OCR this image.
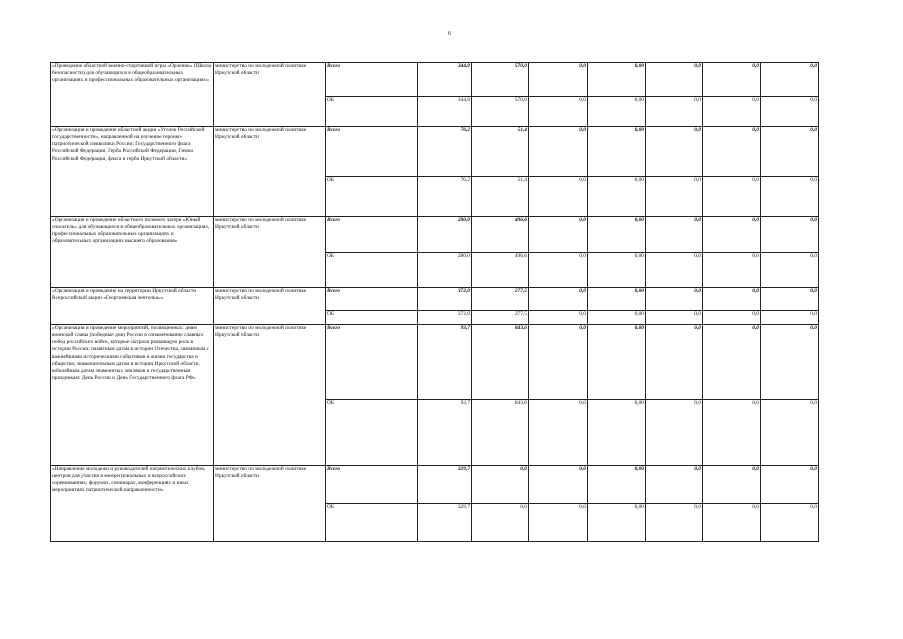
6
«Проведение областной военно-спортивной игры «Орленок» (Школа безопасности) для обучающихся в общеобразовательных организациях и профессиональных образовательных организациях»	министерство по молодежной политике Иркутской области	Всего	344,0	570,0	0,0	0,00	0,0	0,0	0,0
		ОБ	344,0	570,0	0,0	0,00	0,0	0,0	0,0
«Организация и проведение областной акции «Уголок Российской государственности», направленной на изучение героико-патриотической символики России: Государственного флага Российской Федерации, Герба Российской Федерации, Гимна Российской Федерации, флага и герба Иркутской области»	министерство по молодежной политике Иркутской области	Всего	76,2	51,4	0,0	0,00	0,0	0,0	0,0
		ОБ	76,2	51,4	0,0	0,00	0,0	0,0	0,0
«Организация и проведение областного полевого лагеря «Юный спасатель» для обучающихся в общеобразовательных организациях, профессиональных образовательных организациях и образовательных организациях высшего образования»	министерство по молодежной политике Иркутской области	Всего	280,0	496,6	0,0	0,00	0,0	0,0	0,0
		ОБ	280,0	496,6	0,0	0,00	0,0	0,0	0,0
«Организация и проведение на территории Иркутской области Всероссийской акции «Георгиевская ленточка»»	министерство по молодежной политике Иркутской области	Всего	372,0	277,5	0,0	0,00	0,0	0,0	0,0
		ОБ	372,0	277,5	0,0	0,00	0,0	0,0	0,0
«Организация и проведение мероприятий, посвященных: дням воинской славы (победные дни) России в ознаменование славных побед российских войск, которые сыграли решающую роль в истории России; памятным датам в истории Отечества, связанным с важнейшими историческими событиями в жизни государства и общества; знаменательным датам в истории Иркутской области, юбилейным датам знаменитых земляков и государственным праздникам: День России и День Государственного флага РФ»	министерство по молодежной политике Иркутской области	Всего	93,7	843,6	0,0	0,00	0,0	0,0	0,0
		ОБ	93,7	843,6	0,0	0,00	0,0	0,0	0,0
«Направление молодежи и руководителей патриотических клубов, центров для участия в межрегиональных и всероссийских соревнованиях, форумах, семинарах, конференциях и иных мероприятиях патриотической направленности»	министерство по молодежной политике Иркутской области	Всего	329,7	0,0	0,0	0,00	0,0	0,0	0,0
		ОБ	329,7	0,0	0,0	0,00	0,0	0,0	0,0
